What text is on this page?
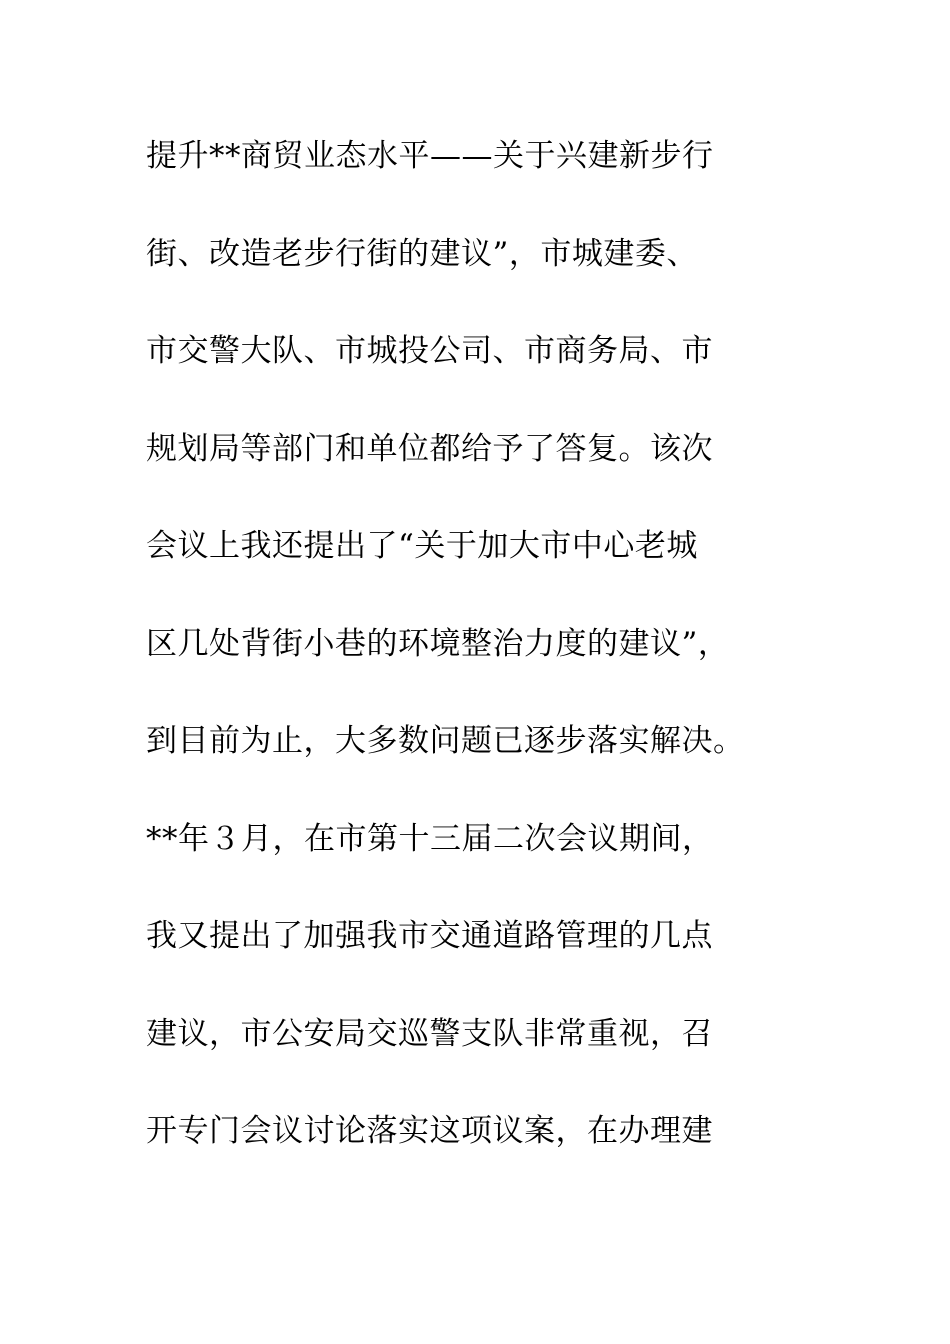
提升**商贸业态水平——关于兴建新步行
街、改造老步行街的建议”，市城建委、
市交警大队、市城投公司、市商务局、市
规划局等部门和单位都给予了答复。该次
会议上我还提出了“关于加大市中心老城
区几处背街小巷的环境整治力度的建议”，
到目前为止，大多数问题已逐步落实解决。
**年３月，在市第十三届二次会议期间，
我又提出了加强我市交通道路管理的几点
建议，市公安局交巡警支队非常重视，召
开专门会议讨论落实这项议案，在办理建
